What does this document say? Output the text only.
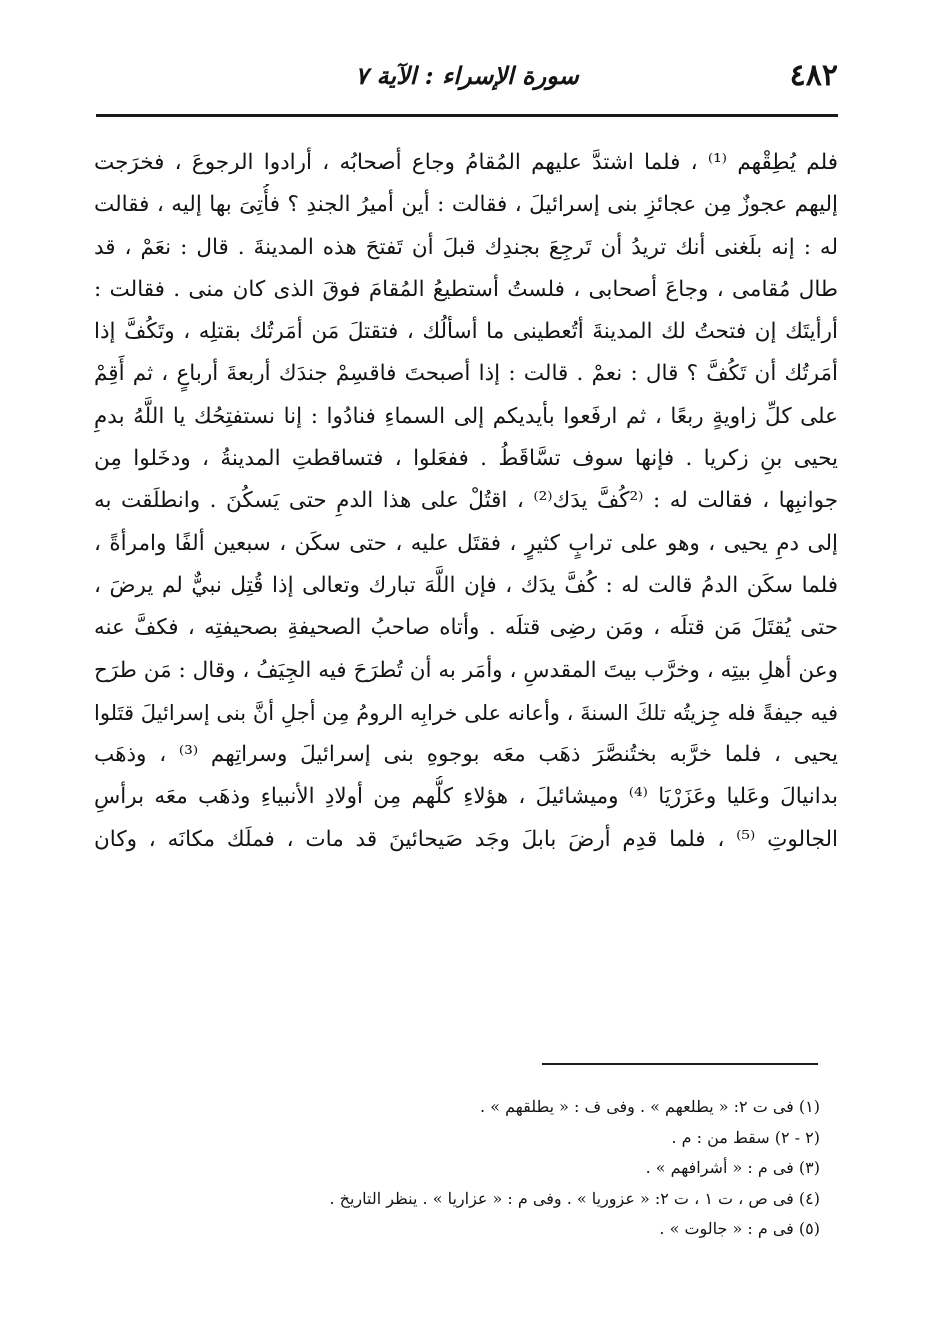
٤٨٢
سورة الإسراء : الآية ٧
فلم يُطِقْهم ⁽¹⁾ ، فلما اشتدَّ عليهم المُقامُ وجاع أصحابُه ، أرادوا الرجوعَ ، فخرَجت
إليهم عجوزٌ مِن عجائزِ بنى إسرائيلَ ، فقالت : أين أميرُ الجندِ ؟ فأُتِىَ بها إليه ، فقالت
له : إنه بلَغنى أنك تريدُ أن تَرجِعَ بجندِك قبلَ أن تَفتحَ هذه المدينةَ . قال : نعَمْ ، قد
طال مُقامى ، وجاعَ أصحابى ، فلستُ أستطيعُ المُقامَ فوقَ الذى كان منى . فقالت :
أرأيتَك إن فتحتُ لك المدينةَ أتُعطينى ما أسألُك ، فتقتلَ مَن أمَرتُك بقتلِه ، وتَكُفَّ إذا
أمَرتُك أن تَكُفَّ ؟ قال : نعمْ . قالت : إذا أصبحتَ فاقسِمْ جندَك أربعةَ أرباعٍ ، ثم أَقِمْ
على كلِّ زاويةٍ ربعًا ، ثم ارفَعوا بأيديكم إلى السماءِ فنادُوا : إنا نستفتِحُك يا اللَّهُ بدمِ
يحيى بنِ زكريا . فإنها سوف تسَّاقَطُ . ففعَلوا ، فتساقطتِ المدينةُ ، ودخَلوا مِن
جوانبِها ، فقالت له : ⁽²كُفَّ يدَك⁽²⁾ ، اقتُلْ على هذا الدمِ حتى يَسكُنَ . وانطلَقت به
إلى دمِ يحيى ، وهو على ترابٍ كثيرٍ ، فقتَل عليه ، حتى سكَن ، سبعين ألفًا وامرأةً ،
فلما سكَن الدمُ قالت له : كُفَّ يدَك ، فإن اللَّهَ تبارك وتعالى إذا قُتِل نبيٌّ لم يرضَ ،
حتى يُقتَلَ مَن قتلَه ، ومَن رضِى قتلَه . وأتاه صاحبُ الصحيفةِ بصحيفتِه ، فكفَّ عنه
وعن أهلِ بيتِه ، وخرَّب بيتَ المقدسِ ، وأمَر به أن تُطرَحَ فيه الجِيَفُ ، وقال : مَن طرَح
فيه جيفةً فله جِزيتُه تلكَ السنةَ ، وأعانه على خرابِه الرومُ مِن أجلِ أنَّ بنى إسرائيلَ قتَلوا
يحيى ، فلما خرَّبه بختُنصَّرَ ذهَب معَه بوجوهِ بنى إسرائيلَ وسراتِهم ⁽³⁾ ، وذهَب
بدانيالَ وعَليا وعَزَرْيَا ⁽⁴⁾ وميشائيلَ ، هؤلاءِ كلُّهم مِن أولادِ الأنبياءِ وذهَب معَه برأسِ
الجالوتِ ⁽⁵⁾ ، فلما قدِم أرضَ بابلَ وجَد صَيحائينَ قد مات ، فملَك مكانَه ، وكان
(١) فى ت ٢: « يطلعهم » . وفى ف : « يطلقهم » .
(٢ - ٢) سقط من : م .
(٣) فى م : « أشرافهم » .
(٤) فى ص ، ت ١ ، ت ٢: « عزوريا » . وفى م : « عزاريا » . ينظر التاريخ .
(٥) فى م : « جالوت » .
